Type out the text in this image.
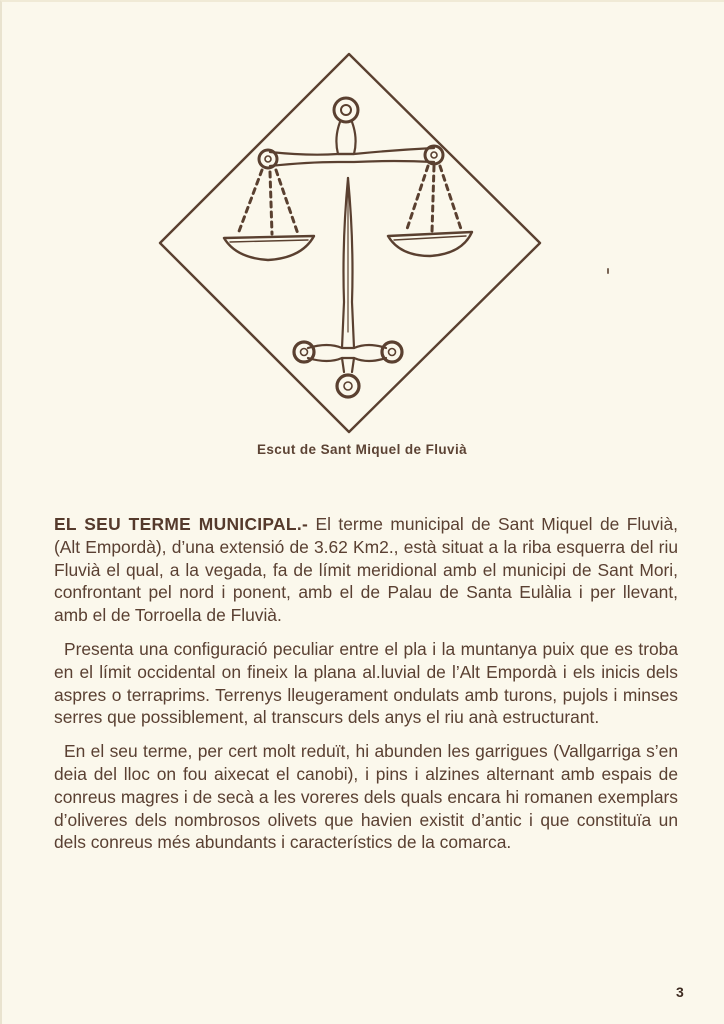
Escut de Sant Miquel de Fluvià

EL SEU TERME MUNICIPAL.- El terme municipal de Sant Miquel de Fluvià, (Alt Empordà), d’una extensió de 3.62 Km2., està situat a la riba esquerra del riu Fluvià el qual, a la vegada, fa de límit meridional amb el municipi de Sant Mori, confrontant pel nord i ponent, amb el de Palau de Santa Eulàlia i per llevant, amb el de Torroella de Fluvià.

Presenta una configuració peculiar entre el pla i la muntanya puix que es troba en el límit occidental on fineix la plana al.luvial de l’Alt Empordà i els inicis dels aspres o terraprims. Terrenys lleugerament ondulats amb turons, pujols i minses serres que possiblement, al transcurs dels anys el riu anà estructurant.

En el seu terme, per cert molt reduït, hi abunden les garrigues (Vallgarriga s’en deia del lloc on fou aixecat el canobi), i pins i alzines alternant amb espais de conreus magres i de secà a les voreres dels quals encara hi romanen exemplars d’oliveres dels nombrosos olivets que havien existit d’antic i que constituïa un dels conreus més abundants i característics de la comarca.

3
